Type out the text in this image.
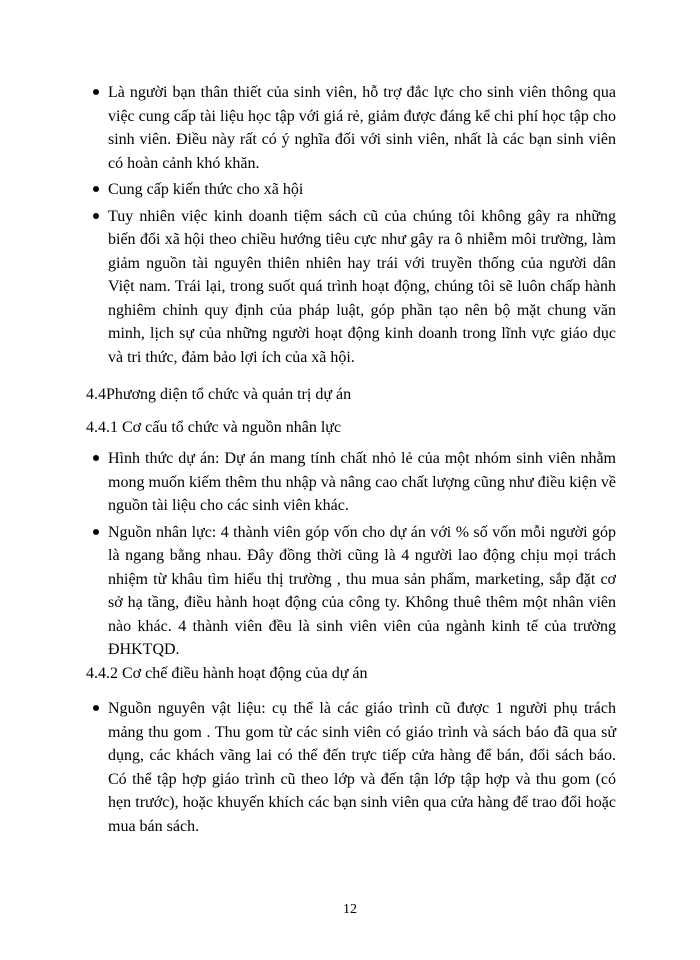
Là người bạn thân thiết của sinh viên, hỗ trợ đắc lực cho sinh viên thông qua việc cung cấp tài liệu học tập với giá rẻ, giảm được đáng kể chi phí học tập cho sinh viên. Điều này rất có ý nghĩa đối với sinh viên, nhất là các bạn sinh viên có hoàn cảnh khó khăn.
Cung cấp kiến thức cho xã hội
Tuy nhiên việc kinh doanh tiệm sách cũ của chúng tôi không gây ra những biến đổi xã hội theo chiều hướng tiêu cực như gây ra ô nhiễm môi trường, làm giảm nguồn tài nguyên thiên nhiên hay trái với truyền thống của người dân Việt nam. Trái lại, trong suốt quá trình hoạt động, chúng tôi sẽ luôn chấp hành nghiêm chỉnh quy định của pháp luật, góp phần tạo nên bộ mặt chung văn minh, lịch sự của những người hoạt động kinh doanh trong lĩnh vực giáo dục và tri thức, đảm bảo lợi ích của xã hội.
4.4Phương diện tổ chức và quản trị dự án
4.4.1 Cơ cấu tổ chức và nguồn nhân lực
Hình thức dự án: Dự án mang tính chất nhỏ lẻ của một nhóm sinh viên nhằm mong muốn kiếm thêm thu nhập và nâng cao chất lượng cũng như điều kiện về nguồn tài liệu cho các sinh viên khác.
Nguồn nhân lực: 4 thành viên góp vốn cho dự án với % số vốn mỗi người góp là ngang bằng nhau. Đây đồng thời cũng là 4 người lao động chịu mọi trách nhiệm từ khâu tìm hiểu thị trường , thu mua sản phẩm, marketing, sắp đặt cơ sở hạ tầng, điều hành hoạt động của công ty. Không thuê thêm một nhân viên nào khác. 4 thành viên đều là sinh viên viên của ngành kinh tế của trường ĐHKTQD.
4.4.2 Cơ chế điều hành hoạt động của dự án
Nguồn nguyên vật liệu: cụ thể là các giáo trình cũ được 1 người phụ trách mảng thu gom . Thu gom từ các sinh viên có giáo trình và sách báo đã qua sử dụng, các khách vãng lai có thể đến trực tiếp cửa hàng để bán, đổi sách báo. Có thể tập hợp giáo trình cũ theo lớp và đến tận lớp tập hợp và thu gom (có hẹn trước), hoặc khuyến khích các bạn sinh viên qua cửa hàng để trao đổi hoặc mua bán sách.
12
